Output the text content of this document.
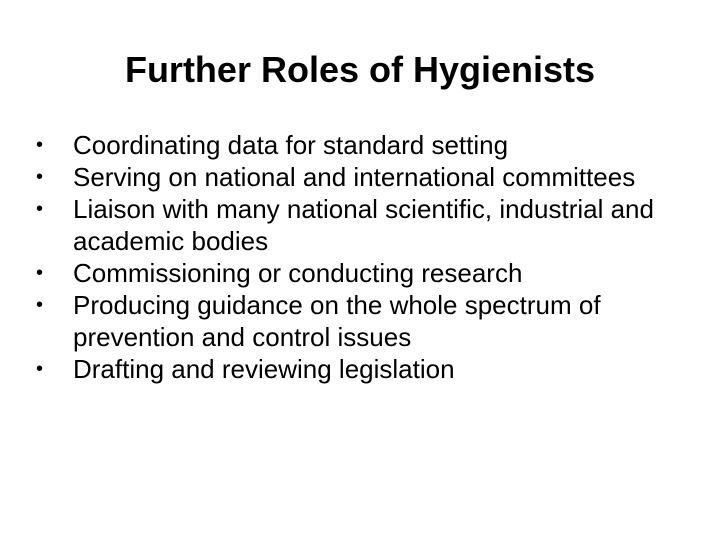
Further Roles of Hygienists
•	Coordinating data for standard setting
•	Serving on national and international committees
•	Liaison with many national scientific, industrial and academic bodies
•	Commissioning or conducting research
•	Producing guidance on the whole spectrum of prevention and control issues
•	Drafting and reviewing legislation
